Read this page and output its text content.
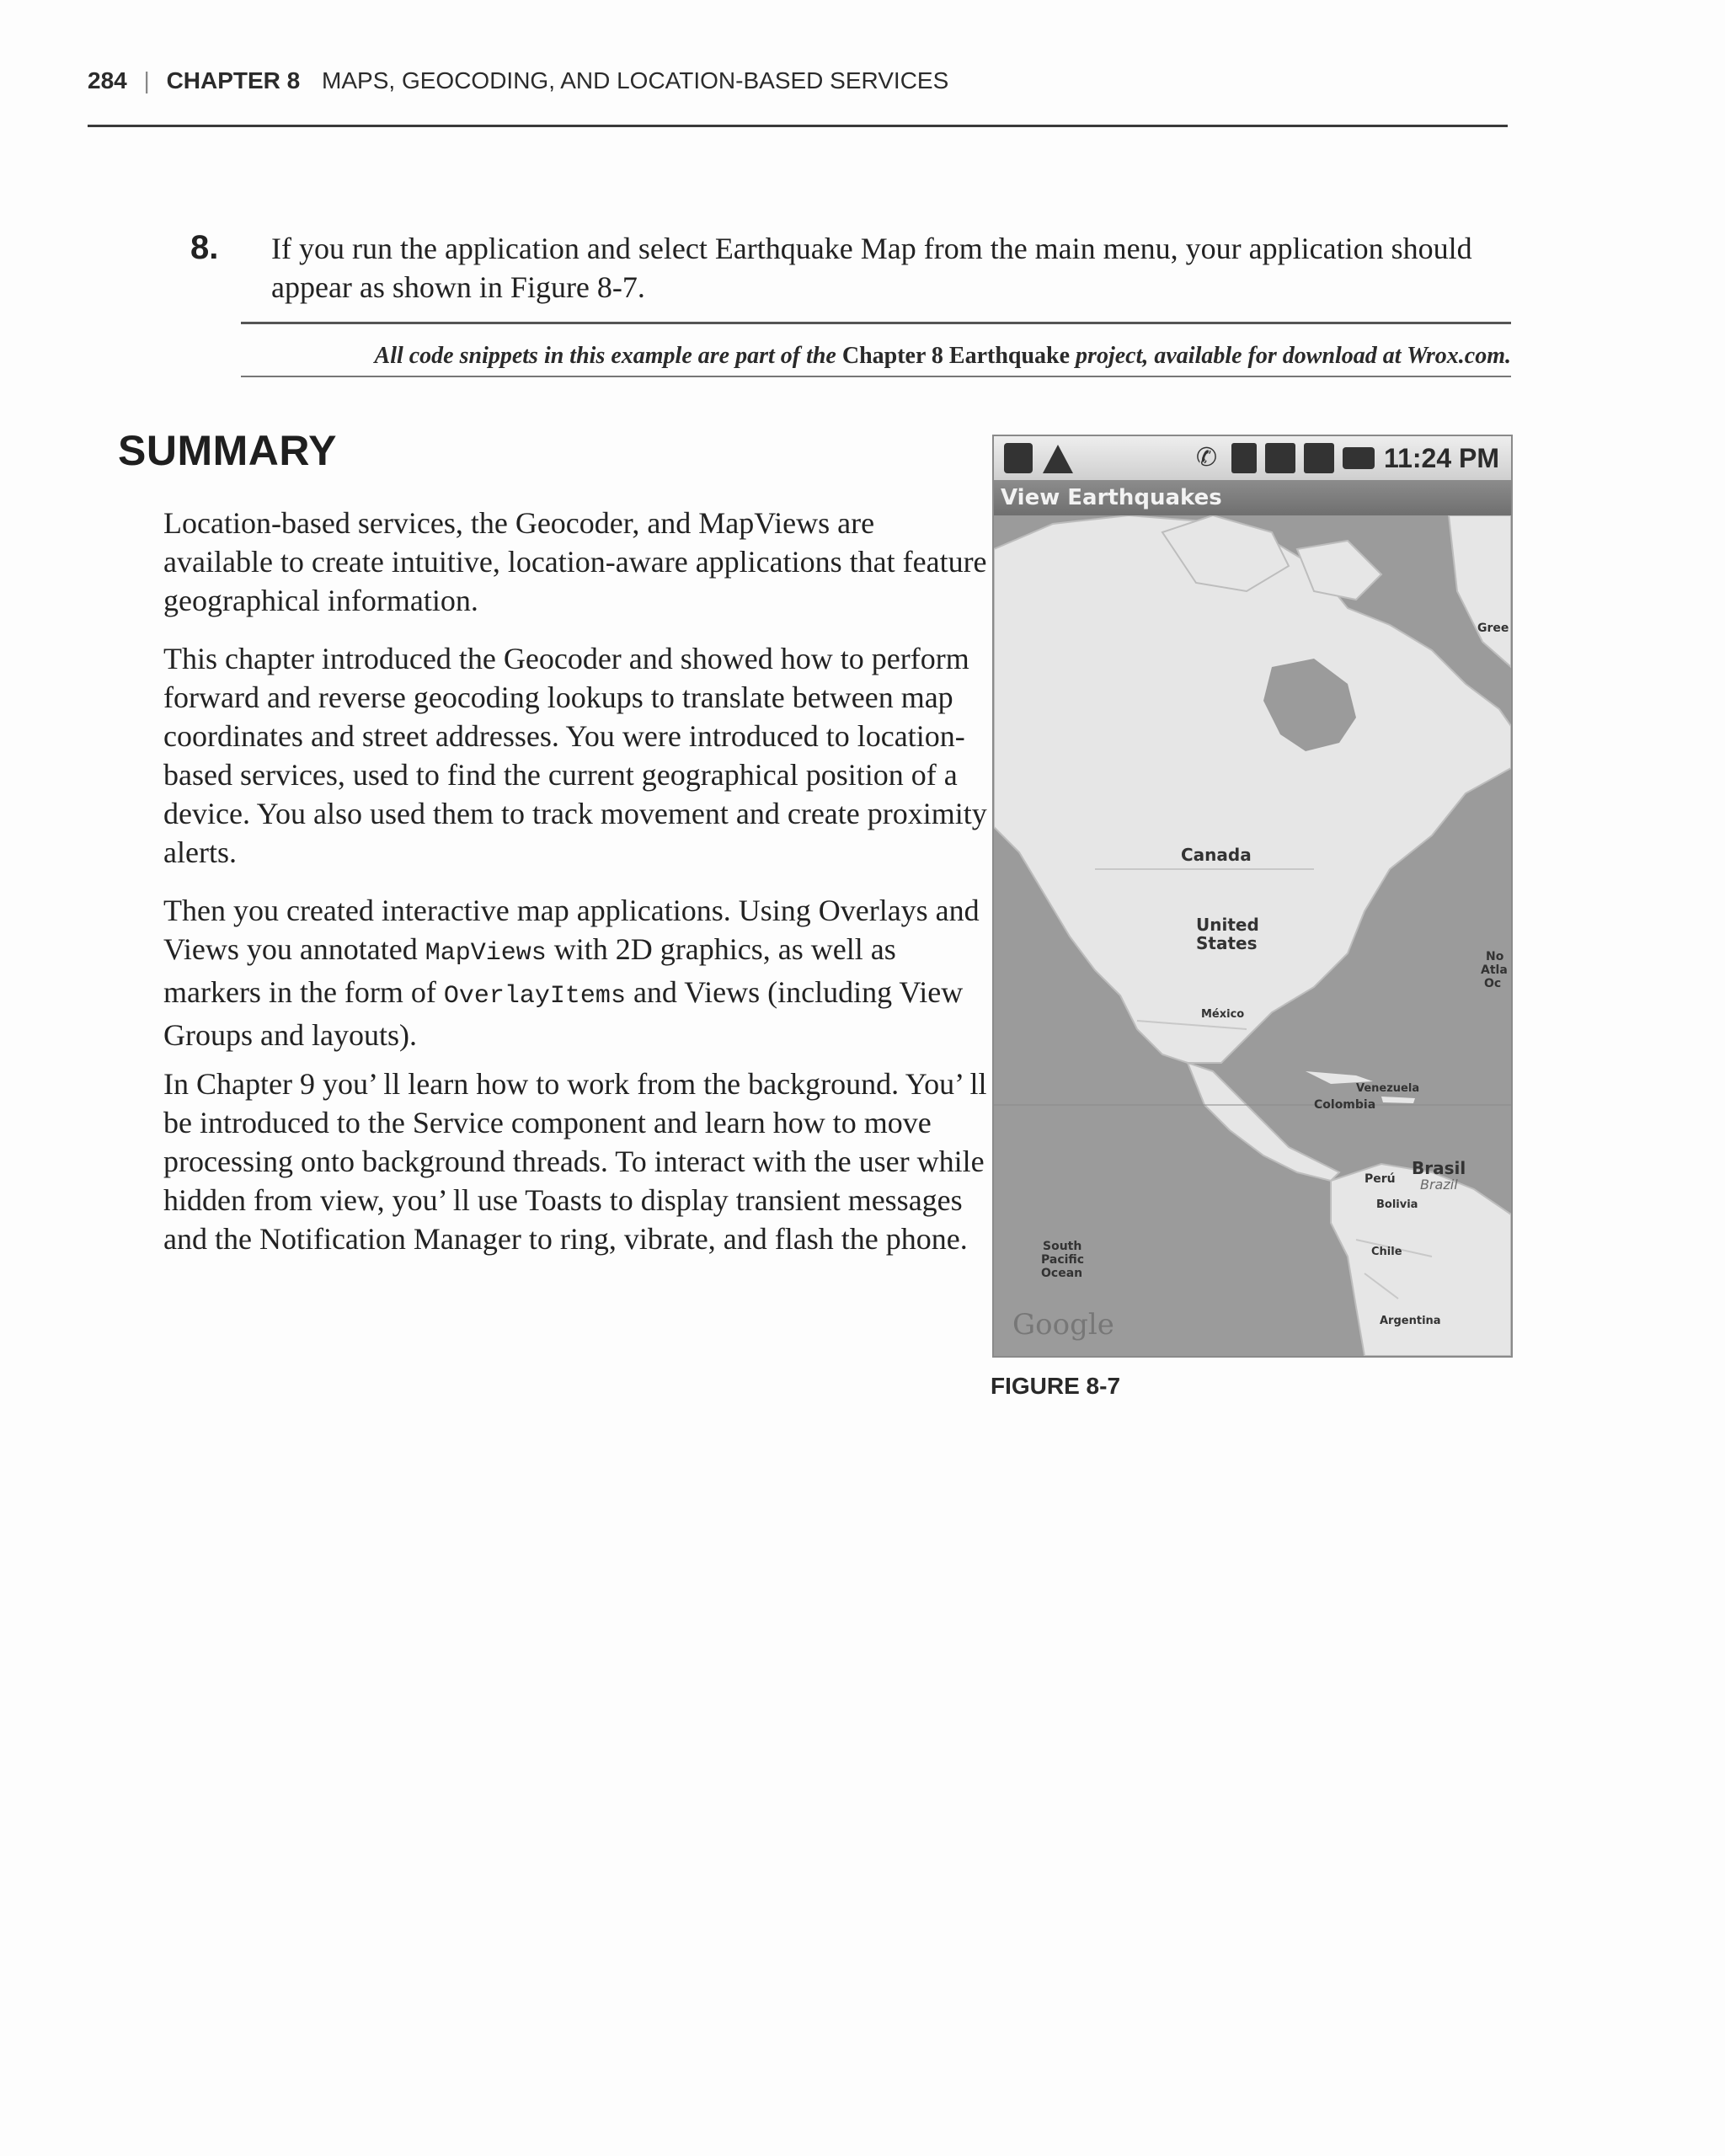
284 | CHAPTER 8 MAPS, GEOCODING, AND LOCATION-BASED SERVICES
8. If you run the application and select Earthquake Map from the main menu, your application should appear as shown in Figure 8-7.
All code snippets in this example are part of the Chapter 8 Earthquake project, available for download at Wrox.com.
SUMMARY
Location-based services, the Geocoder, and MapViews are available to create intuitive, location-aware applications that feature geographical information.
This chapter introduced the Geocoder and showed how to perform forward and reverse geocoding lookups to translate between map coordinates and street addresses. You were introduced to location-based services, used to find the current geographical position of a device. You also used them to track movement and create proximity alerts.
Then you created interactive map applications. Using Overlays and Views you annotated MapViews with 2D graphics, as well as markers in the form of OverlayItems and Views (including View Groups and layouts).
In Chapter 9 you’ ll learn how to work from the background. You’ ll be introduced to the Service component and learn how to move processing onto background threads. To interact with the user while hidden from view, you’ ll use Toasts to display transient messages and the Notification Manager to ring, vibrate, and flash the phone.
✆	11:24 PM
View Earthquakes
Gree
Canada
United
States
México
No
Atla
Oc
Venezuela
Colombia
Brasil
Brazil
Perú
Bolivia
Chile
Argentina
South
Pacific
Ocean
Google
FIGURE 8-7
